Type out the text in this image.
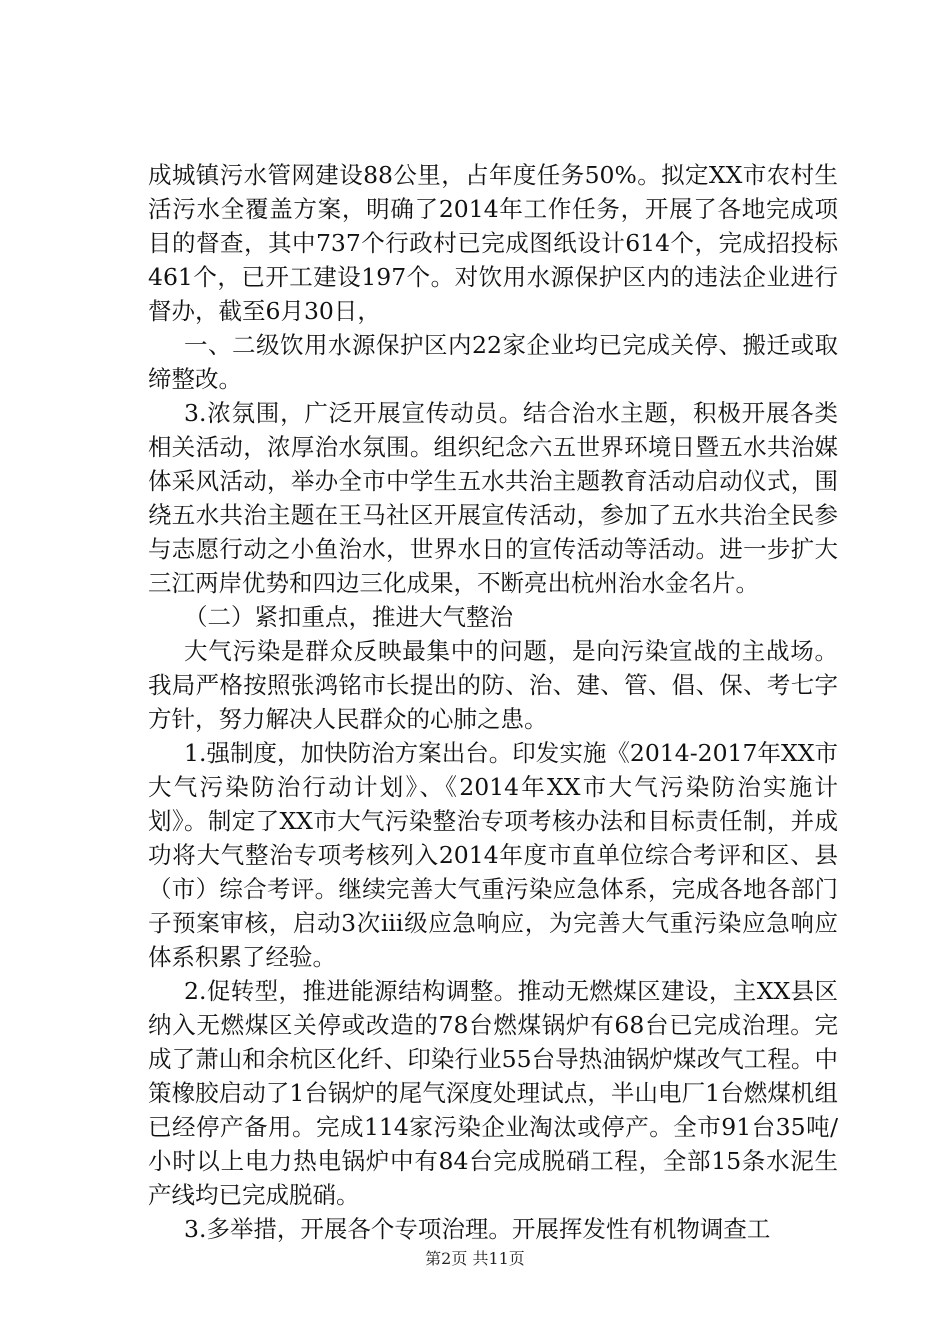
成城镇污水管网建设88公里，占年度任务50%。拟定XX市农村生活污水全覆盖方案，明确了2014年工作任务，开展了各地完成项目的督查，其中737个行政村已完成图纸设计614个，完成招投标461个，已开工建设197个。对饮用水源保护区内的违法企业进行督办，截至6月30日，

一、二级饮用水源保护区内22家企业均已完成关停、搬迁或取缔整改。

3.浓氛围，广泛开展宣传动员。结合治水主题，积极开展各类相关活动，浓厚治水氛围。组织纪念六五世界环境日暨五水共治媒体采风活动，举办全市中学生五水共治主题教育活动启动仪式，围绕五水共治主题在王马社区开展宣传活动，参加了五水共治全民参与志愿行动之小鱼治水，世界水日的宣传活动等活动。进一步扩大三江两岸优势和四边三化成果，不断亮出杭州治水金名片。

（二）紧扣重点，推进大气整治

大气污染是群众反映最集中的问题，是向污染宣战的主战场。我局严格按照张鸿铭市长提出的防、治、建、管、倡、保、考七字方针，努力解决人民群众的心肺之患。

1.强制度，加快防治方案出台。印发实施《2014-2017年XX市大气污染防治行动计划》、《2014年XX市大气污染防治实施计划》。制定了XX市大气污染整治专项考核办法和目标责任制，并成功将大气整治专项考核列入2014年度市直单位综合考评和区、县（市）综合考评。继续完善大气重污染应急体系，完成各地各部门子预案审核，启动3次iii级应急响应，为完善大气重污染应急响应体系积累了经验。

2.促转型，推进能源结构调整。推动无燃煤区建设，主XX县区纳入无燃煤区关停或改造的78台燃煤锅炉有68台已完成治理。完成了萧山和余杭区化纤、印染行业55台导热油锅炉煤改气工程。中策橡胶启动了1台锅炉的尾气深度处理试点，半山电厂1台燃煤机组已经停产备用。完成114家污染企业淘汰或停产。全市91台35吨/小时以上电力热电锅炉中有84台完成脱硝工程，全部15条水泥生产线均已完成脱硝。

3.多举措，开展各个专项治理。开展挥发性有机物调查工

第2页 共11页
